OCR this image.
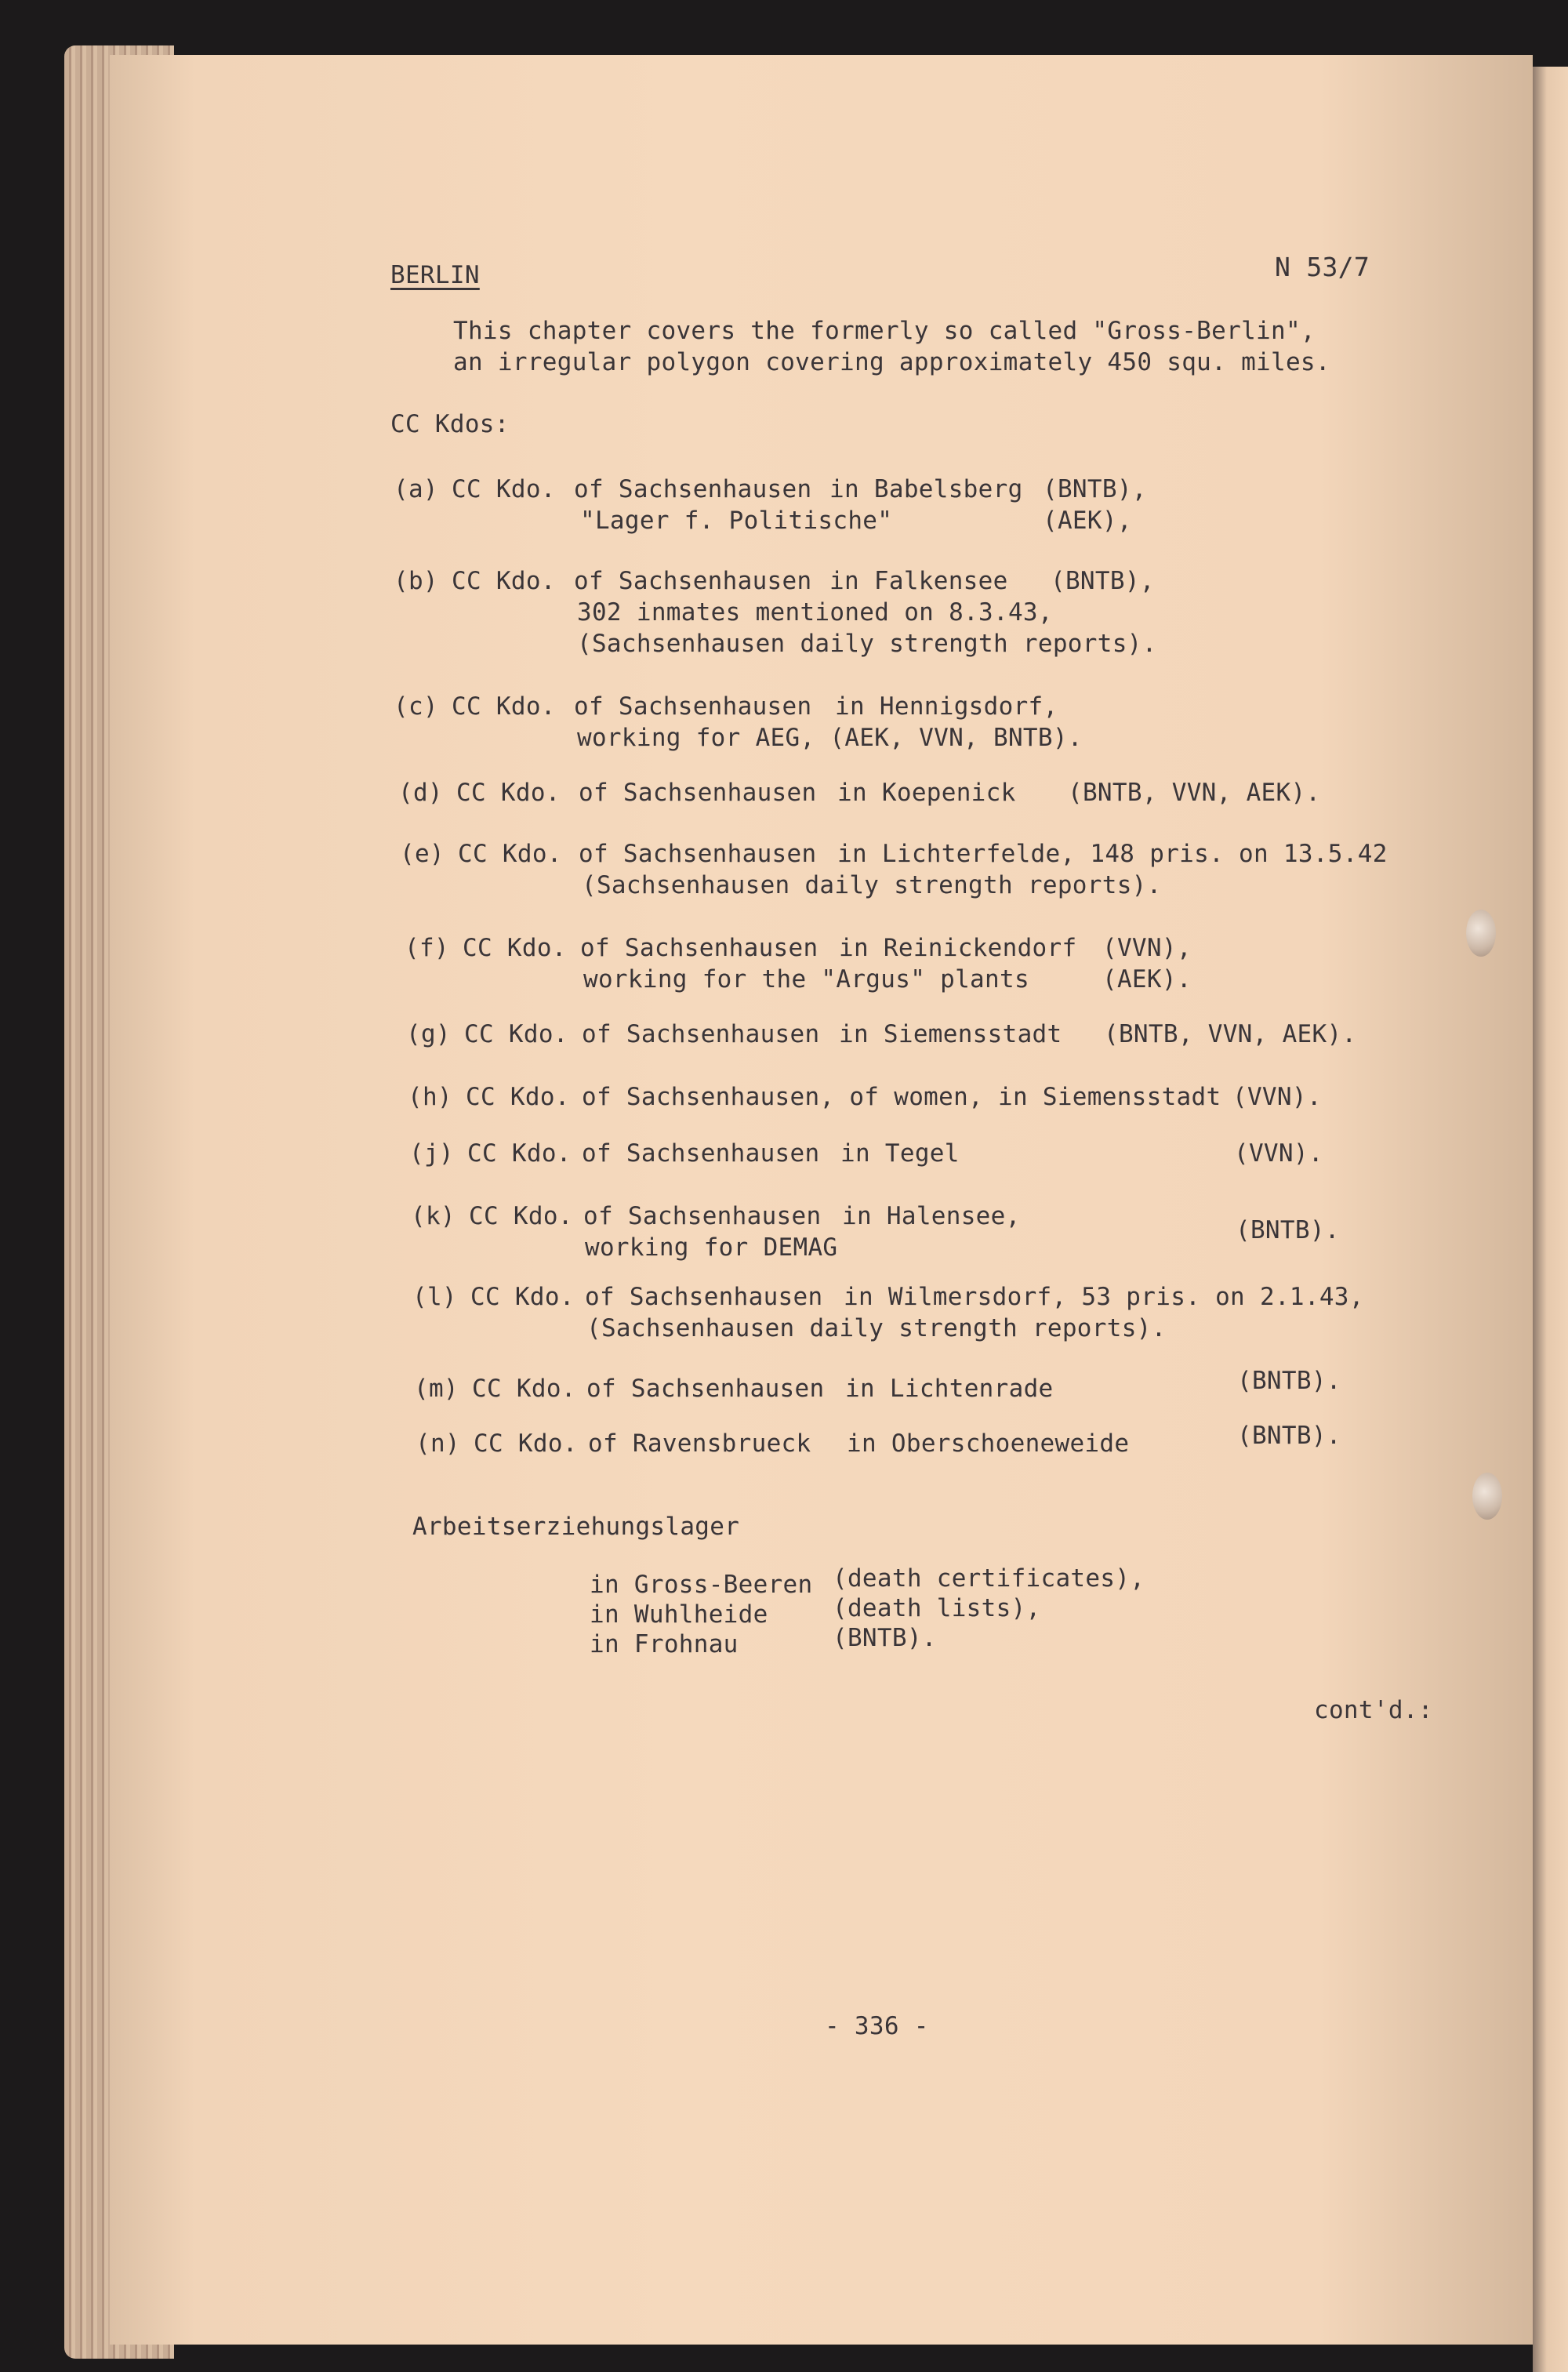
BERLIN	N 53/7
This chapter covers the formerly so called "Gross-Berlin",
an irregular polygon covering approximately 450 squ. miles.
CC Kdos:
(a) CC Kdo. of Sachsenhausen in Babelsberg (BNTB),
"Lager f. Politische"	(AEK),
(b) CC Kdo. of Sachsenhausen in Falkensee (BNTB),
302 inmates mentioned on 8.3.43,
(Sachsenhausen daily strength reports).
(c) CC Kdo. of Sachsenhausen in Hennigsdorf,
working for AEG, (AEK, VVN, BNTB).
(d) CC Kdo. of Sachsenhausen in Koepenick (BNTB, VVN, AEK).
(e) CC Kdo. of Sachsenhausen in Lichterfelde, 148 pris. on 13.5.42
(Sachsenhausen daily strength reports).
(f) CC Kdo. of Sachsenhausen in Reinickendorf (VVN),
working for the "Argus" plants	(AEK).
(g) CC Kdo. of Sachsenhausen in Siemensstadt (BNTB, VVN, AEK).
(h) CC Kdo. of Sachsenhausen, of women, in Siemensstadt (VVN).
(j) CC Kdo. of Sachsenhausen in Tegel	(VVN).
(k) CC Kdo. of Sachsenhausen in Halensee,
working for DEMAG
(BNTB).
(l) CC Kdo. of Sachsenhausen in Wilmersdorf, 53 pris. on 2.1.43,
(Sachsenhausen daily strength reports).
(m) CC Kdo. of Sachsenhausen in Lichtenrade	(BNTB).
(n) CC Kdo. of Ravensbrueck in Oberschoeneweide	(BNTB).
Arbeitserziehungslager
in Gross-Beeren (death certificates),
in Wuhlheide	(death lists),
in Frohnau	(BNTB).
cont'd.:
- 336 -
